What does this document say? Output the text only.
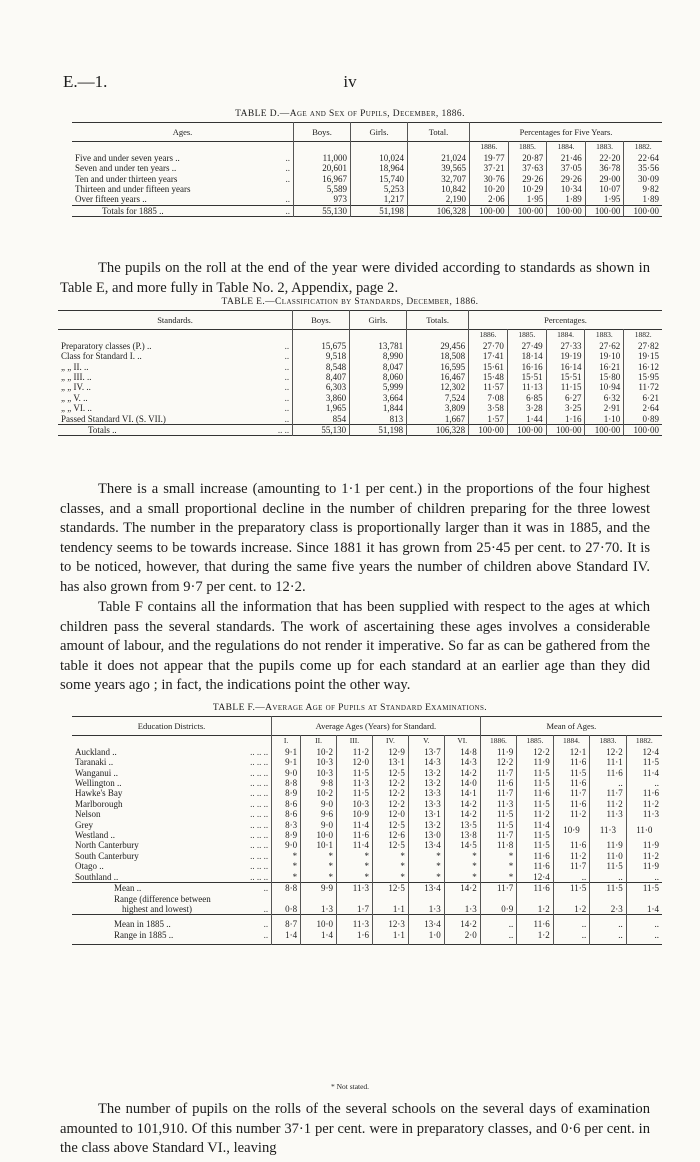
E.—1.	iv
TABLE D.—Age and Sex of Pupils, December, 1886.
Ages.		Boys.	Girls.	Total.	Percentages for Five Years.				
					1886.	1885.	1884.	1883.	1882.
Five and under seven years ..	..	11,000	10,024	21,024	19·77	20·87	21·46	22·20	22·64
Seven and under ten years ..	..	20,601	18,964	39,565	37·21	37·63	37·05	36·78	35·56
Ten and under thirteen years	..	16,967	15,740	32,707	30·76	29·26	29·26	29·00	30·09
Thirteen and under fifteen years		5,589	5,253	10,842	10·20	10·29	10·34	10·07	9·82
Over fifteen years ..	..	973	1,217	2,190	2·06	1·95	1·89	1·95	1·89
Totals for 1885 ..	..	55,130	51,198	106,328	100·00	100·00	100·00	100·00	100·00

The pupils on the roll at the end of the year were divided according to standards as shown in Table E, and more fully in Table No. 2, Appendix, page 2.

TABLE E.—Classification by Standards, December, 1886.
Standards.		Boys.	Girls.	Totals.	Percentages.				
					1886.	1885.	1884.	1883.	1882.
Preparatory classes (P.) ..	..	15,675	13,781	29,456	27·70	27·49	27·33	27·62	27·82
Class for Standard I. ..	..	9,518	8,990	18,508	17·41	18·14	19·19	19·10	19·15
„ „ II. ..	..	8,548	8,047	16,595	15·61	16·16	16·14	16·21	16·12
„ „ III. ..	..	8,407	8,060	16,467	15·48	15·51	15·51	15·80	15·95
„ „ IV. ..	..	6,303	5,999	12,302	11·57	11·13	11·15	10·94	11·72
„ „ V. ..	..	3,860	3,664	7,524	7·08	6·85	6·27	6·32	6·21
„ „ VI. ..	..	1,965	1,844	3,809	3·58	3·28	3·25	2·91	2·64
Passed Standard VI. (S. VII.)	..	854	813	1,667	1·57	1·44	1·16	1·10	0·89
Totals ..	.. ..	55,130	51,198	106,328	100·00	100·00	100·00	100·00	100·00

There is a small increase (amounting to 1·1 per cent.) in the proportions of the four highest classes, and a small proportional decline in the number of children preparing for the three lowest standards. The number in the preparatory class is proportionally larger than it was in 1885, and the tendency seems to be towards increase. Since 1881 it has grown from 25·45 per cent. to 27·70. It is to be noticed, however, that during the same five years the number of children above Standard IV. has also grown from 9·7 per cent. to 12·2.

Table F contains all the information that has been supplied with respect to the ages at which children pass the several standards. The work of ascertaining these ages involves a considerable amount of labour, and the regulations do not render it imperative. So far as can be gathered from the table it does not appear that the pupils come up for each standard at an earlier age than they did some years ago ; in fact, the indications point the other way.

TABLE F.—Average Age of Pupils at Standard Examinations.
Education Districts.		Average Ages (Years) for Standard.						Mean of Ages.				
		I.	II.	III.	IV.	V.	VI.	1886.	1885.	1884.	1883.	1882.
Auckland ..	.. .. ..	9·1	10·2	11·2	12·9	13·7	14·8	11·9	12·2	12·1	12·2	12·4
Taranaki ..	.. .. ..	9·1	10·3	12·0	13·1	14·3	14·3	12·2	11·9	11·6	11·1	11·5
Wanganui ..	.. .. ..	9·0	10·3	11·5	12·5	13·2	14·2	11·7	11·5	11·5	11·6	11·4
Wellington ..	.. .. ..	8·8	9·8	11·3	12·2	13·2	14·0	11·6	11·5	11·6	..	..
Hawke's Bay	.. .. ..	8·9	10·2	11·5	12·2	13·3	14·1	11·7	11·6	11·7	11·7	11·6
Marlborough	.. .. ..	8·6	9·0	10·3	12·2	13·3	14·2	11·3	11·5	11·6	11·2	11·2
Nelson	.. .. ..	8·6	9·6	10·9	12·0	13·1	14·2	11·5	11·2	11·2	11·3	11·3
Grey	.. .. ..	8·3	9·0	11·4	12·5	13·2	13·5	11·5	11·4	10·9	11·3	11·0
Westland ..	.. .. ..	8·9	10·0	11·6	12·6	13·0	13·8	11·7	11·5			
North Canterbury	.. .. ..	9·0	10·1	11·4	12·5	13·4	14·5	11·8	11·5	11·6	11·9	11·9
South Canterbury	.. .. ..	*	*	*	*	*	*	*	11·6	11·2	11·0	11·2
Otago ..	.. .. ..	*	*	*	*	*	*	*	11·6	11·7	11·5	11·9
Southland ..	.. .. ..	*	*	*	*	*	*	*	12·4	..	..	..
Mean ..	..	8·8	9·9	11·3	12·5	13·4	14·2	11·7	11·6	11·5	11·5	11·5

Range (difference between
highest and lowest)	..	0·8	1·3	1·7	1·1	1·3	1·3	0·9	1·2	1·2	2·3	1·4
Mean in 1885 ..	..	8·7	10·0	11·3	12·3	13·4	14·2	..	11·6	..	..	..
Range in 1885 ..	..	1·4	1·4	1·6	1·1	1·0	2·0	..	1·2	..	..	..
* Not stated.

The number of pupils on the rolls of the several schools on the several days of examination amounted to 101,910. Of this number 37·1 per cent. were in preparatory classes, and 0·6 per cent. in the class above Standard VI., leaving
